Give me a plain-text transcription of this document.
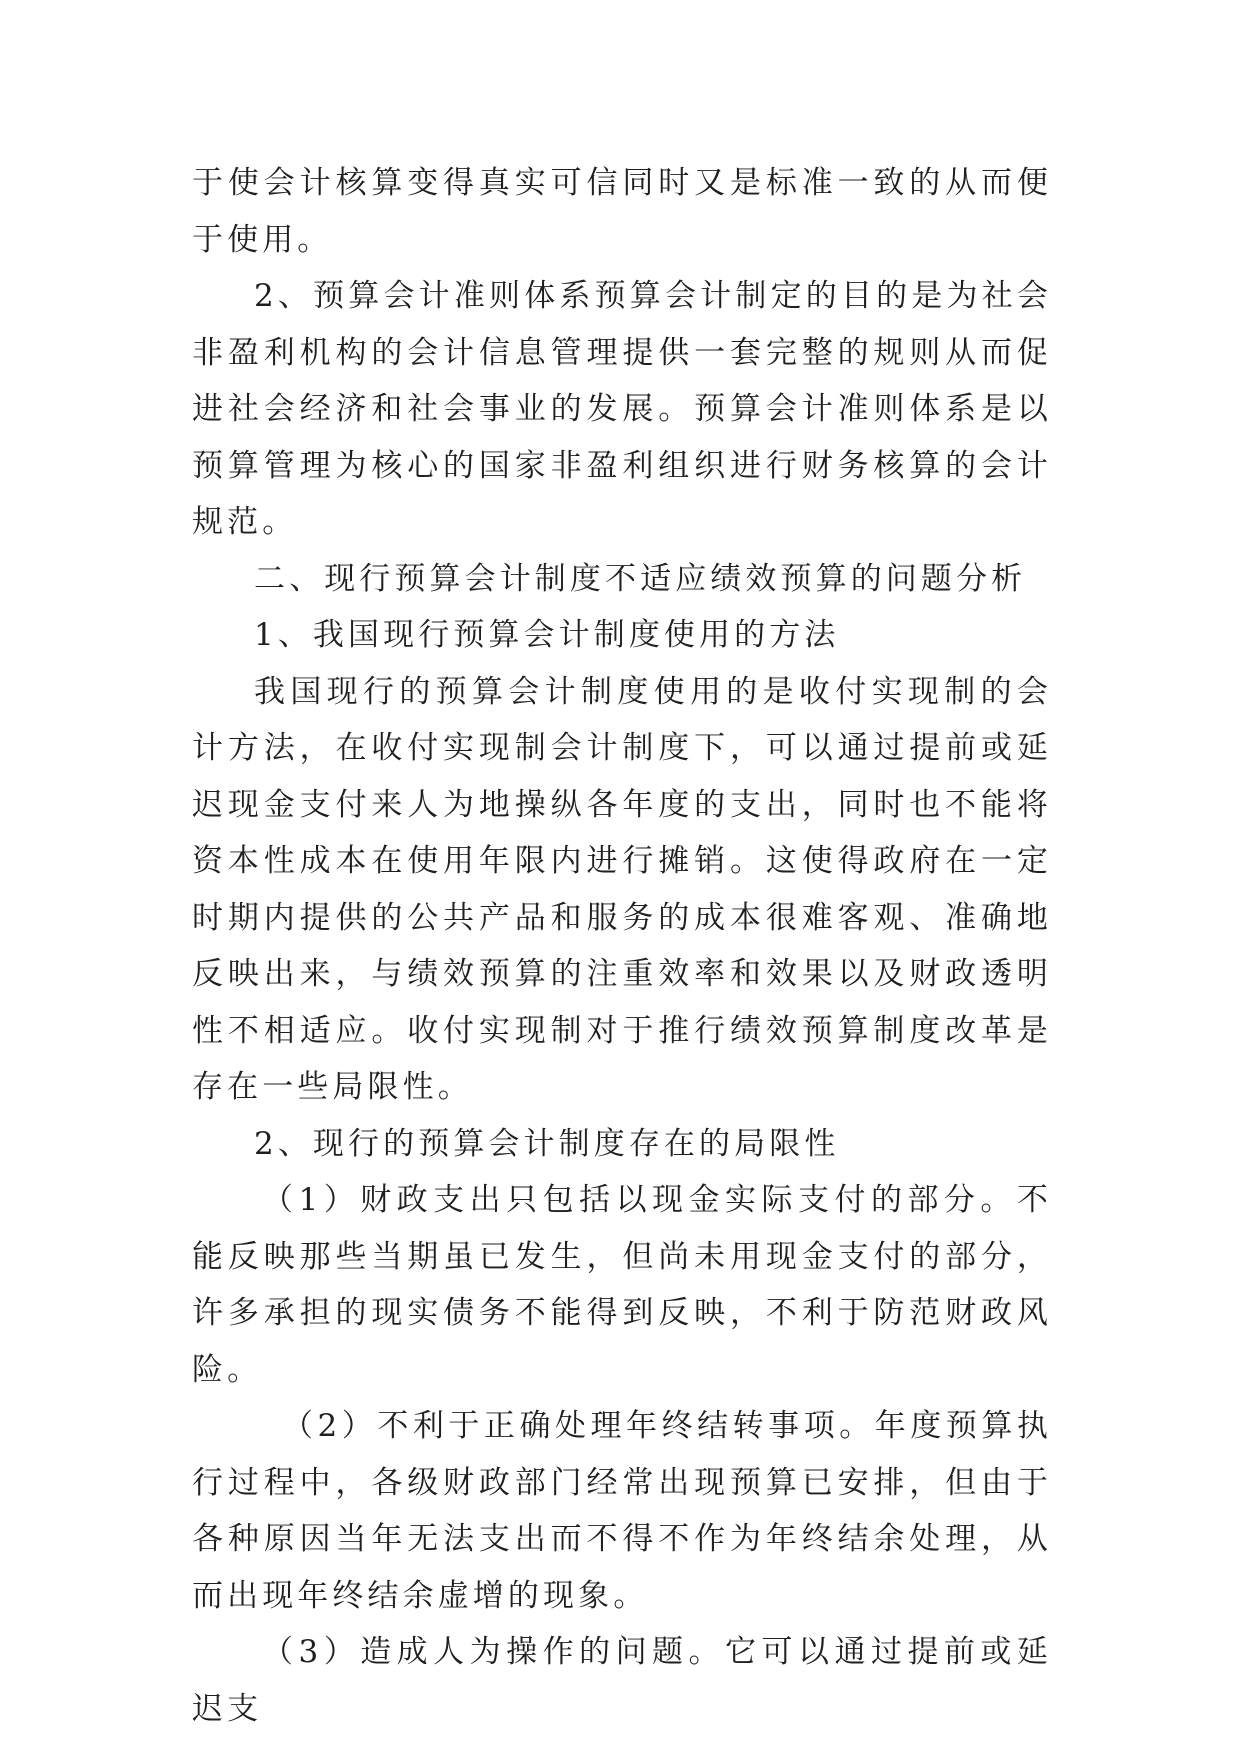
于使会计核算变得真实可信同时又是标准一致的从而便于使用。

2、预算会计准则体系预算会计制定的目的是为社会非盈利机构的会计信息管理提供一套完整的规则从而促进社会经济和社会事业的发展。预算会计准则体系是以预算管理为核心的国家非盈利组织进行财务核算的会计规范。

二、现行预算会计制度不适应绩效预算的问题分析

1、我国现行预算会计制度使用的方法

我国现行的预算会计制度使用的是收付实现制的会计方法，在收付实现制会计制度下，可以通过提前或延迟现金支付来人为地操纵各年度的支出，同时也不能将资本性成本在使用年限内进行摊销。这使得政府在一定时期内提供的公共产品和服务的成本很难客观、准确地反映出来，与绩效预算的注重效率和效果以及财政透明性不相适应。收付实现制对于推行绩效预算制度改革是存在一些局限性。

2、现行的预算会计制度存在的局限性

（1）财政支出只包括以现金实际支付的部分。不能反映那些当期虽已发生，但尚未用现金支付的部分，许多承担的现实债务不能得到反映，不利于防范财政风险。

（2）不利于正确处理年终结转事项。年度预算执行过程中，各级财政部门经常出现预算已安排，但由于各种原因当年无法支出而不得不作为年终结余处理，从而出现年终结余虚增的现象。

（3）造成人为操作的问题。它可以通过提前或延迟支
